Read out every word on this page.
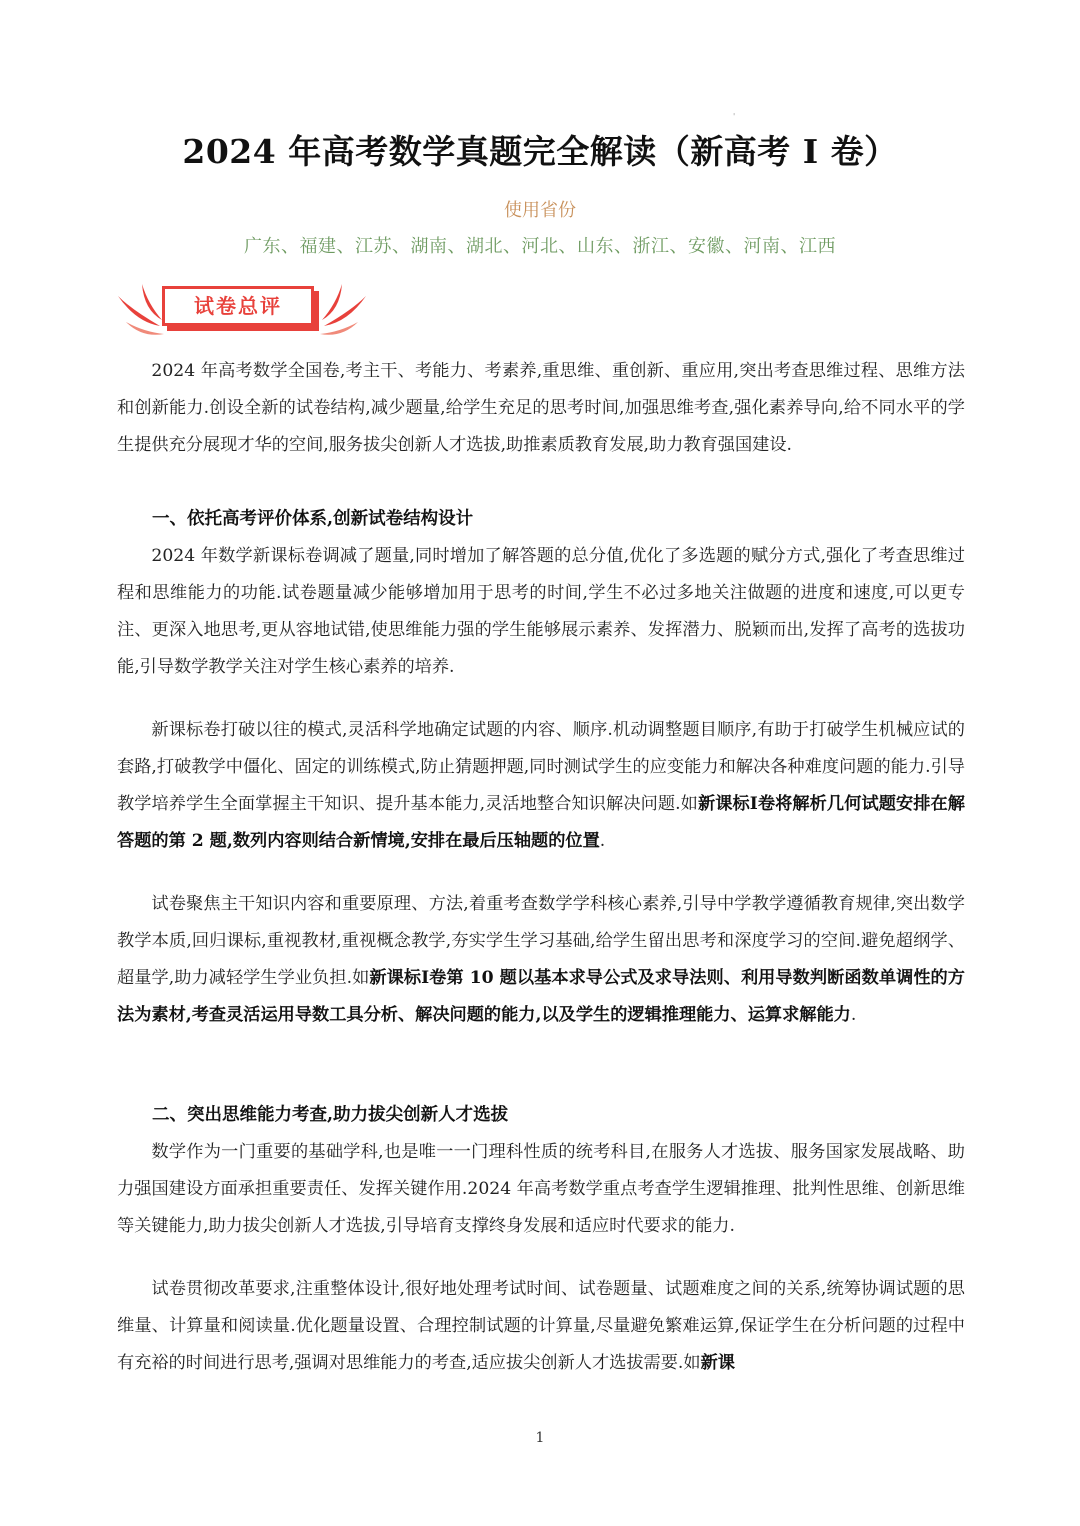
'
2024 年高考数学真题完全解读（新高考 I 卷）
使用省份
广东、福建、江苏、湖南、湖北、河北、山东、浙江、安徽、河南、江西
试卷总评

2024 年高考数学全国卷,考主干、考能力、考素养,重思维、重创新、重应用,突出考查思维过程、思维方法和创新能力.创设全新的试卷结构,减少题量,给学生充足的思考时间,加强思维考查,强化素养导向,给不同水平的学生提供充分展现才华的空间,服务拔尖创新人才选拔,助推素质教育发展,助力教育强国建设.

一、依托高考评价体系,创新试卷结构设计

2024 年数学新课标卷调减了题量,同时增加了解答题的总分值,优化了多选题的赋分方式,强化了考查思维过程和思维能力的功能.试卷题量减少能够增加用于思考的时间,学生不必过多地关注做题的进度和速度,可以更专注、更深入地思考,更从容地试错,使思维能力强的学生能够展示素养、发挥潜力、脱颖而出,发挥了高考的选拔功能,引导数学教学关注对学生核心素养的培养.

新课标卷打破以往的模式,灵活科学地确定试题的内容、顺序.机动调整题目顺序,有助于打破学生机械应试的套路,打破教学中僵化、固定的训练模式,防止猜题押题,同时测试学生的应变能力和解决各种难度问题的能力.引导教学培养学生全面掌握主干知识、提升基本能力,灵活地整合知识解决问题.如新课标Ⅰ卷将解析几何试题安排在解答题的第 2 题,数列内容则结合新情境,安排在最后压轴题的位置.

试卷聚焦主干知识内容和重要原理、方法,着重考查数学学科核心素养,引导中学教学遵循教育规律,突出数学教学本质,回归课标,重视教材,重视概念教学,夯实学生学习基础,给学生留出思考和深度学习的空间.避免超纲学、超量学,助力减轻学生学业负担.如新课标Ⅰ卷第 10 题以基本求导公式及求导法则、利用导数判断函数单调性的方法为素材,考查灵活运用导数工具分析、解决问题的能力,以及学生的逻辑推理能力、运算求解能力.

二、突出思维能力考查,助力拔尖创新人才选拔

数学作为一门重要的基础学科,也是唯一一门理科性质的统考科目,在服务人才选拔、服务国家发展战略、助力强国建设方面承担重要责任、发挥关键作用.2024 年高考数学重点考查学生逻辑推理、批判性思维、创新思维等关键能力,助力拔尖创新人才选拔,引导培育支撑终身发展和适应时代要求的能力.

试卷贯彻改革要求,注重整体设计,很好地处理考试时间、试卷题量、试题难度之间的关系,统筹协调试题的思维量、计算量和阅读量.优化题量设置、合理控制试题的计算量,尽量避免繁难运算,保证学生在分析问题的过程中有充裕的时间进行思考,强调对思维能力的考查,适应拔尖创新人才选拔需要.如新课

1
